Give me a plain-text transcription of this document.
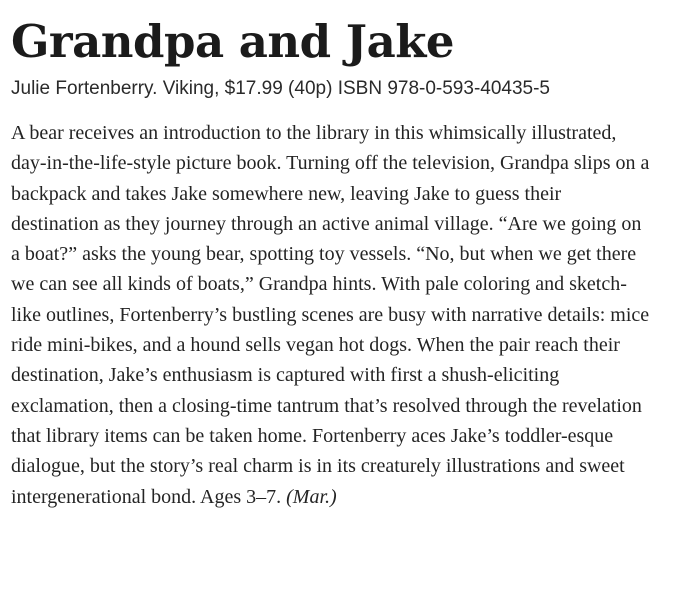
Grandpa and Jake

Julie Fortenberry. Viking, $17.99 (40p) ISBN 978-0-593-40435-5

A bear receives an introduction to the library in this whimsically illustrated, day-in-the-life-style picture book. Turning off the television, Grandpa slips on a backpack and takes Jake somewhere new, leaving Jake to guess their destination as they journey through an active animal village. “Are we going on a boat?” asks the young bear, spotting toy vessels. “No, but when we get there we can see all kinds of boats,” Grandpa hints. With pale coloring and sketch-like outlines, Fortenberry’s bustling scenes are busy with narrative details: mice ride mini-bikes, and a hound sells vegan hot dogs. When the pair reach their destination, Jake’s enthusiasm is captured with first a shush-eliciting exclamation, then a closing-time tantrum that’s resolved through the revelation that library items can be taken home. Fortenberry aces Jake’s toddler-esque dialogue, but the story’s real charm is in its creaturely illustrations and sweet intergenerational bond. Ages 3–7. (Mar.)
